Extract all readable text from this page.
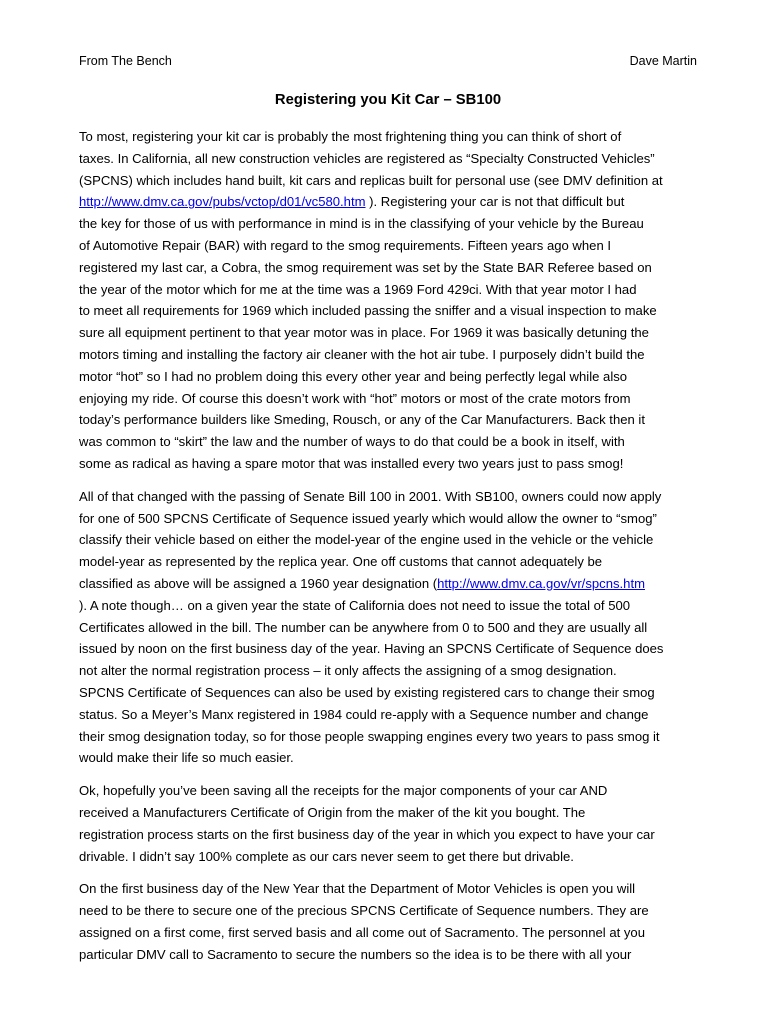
From The Bench	Dave Martin
Registering you Kit Car – SB100

To most, registering your kit car is probably the most frightening thing you can think of short of
taxes. In California, all new construction vehicles are registered as “Specialty Constructed Vehicles”
(SPCNS) which includes hand built, kit cars and replicas built for personal use (see DMV definition at
http://www.dmv.ca.gov/pubs/vctop/d01/vc580.htm ). Registering your car is not that difficult but
the key for those of us with performance in mind is in the classifying of your vehicle by the Bureau
of Automotive Repair (BAR) with regard to the smog requirements. Fifteen years ago when I
registered my last car, a Cobra, the smog requirement was set by the State BAR Referee based on
the year of the motor which for me at the time was a 1969 Ford 429ci. With that year motor I had
to meet all requirements for 1969 which included passing the sniffer and a visual inspection to make
sure all equipment pertinent to that year motor was in place. For 1969 it was basically detuning the
motors timing and installing the factory air cleaner with the hot air tube. I purposely didn’t build the
motor “hot” so I had no problem doing this every other year and being perfectly legal while also
enjoying my ride. Of course this doesn’t work with “hot” motors or most of the crate motors from
today’s performance builders like Smeding, Rousch, or any of the Car Manufacturers. Back then it
was common to “skirt” the law and the number of ways to do that could be a book in itself, with
some as radical as having a spare motor that was installed every two years just to pass smog!

All of that changed with the passing of Senate Bill 100 in 2001. With SB100, owners could now apply
for one of 500 SPCNS Certificate of Sequence issued yearly which would allow the owner to “smog”
classify their vehicle based on either the model-year of the engine used in the vehicle or the vehicle
model-year as represented by the replica year. One off customs that cannot adequately be
classified as above will be assigned a 1960 year designation (http://www.dmv.ca.gov/vr/spcns.htm
). A note though… on a given year the state of California does not need to issue the total of 500
Certificates allowed in the bill. The number can be anywhere from 0 to 500 and they are usually all
issued by noon on the first business day of the year. Having an SPCNS Certificate of Sequence does
not alter the normal registration process – it only affects the assigning of a smog designation.
SPCNS Certificate of Sequences can also be used by existing registered cars to change their smog
status. So a Meyer’s Manx registered in 1984 could re-apply with a Sequence number and change
their smog designation today, so for those people swapping engines every two years to pass smog it
would make their life so much easier.

Ok, hopefully you’ve been saving all the receipts for the major components of your car AND
received a Manufacturers Certificate of Origin from the maker of the kit you bought. The
registration process starts on the first business day of the year in which you expect to have your car
drivable. I didn’t say 100% complete as our cars never seem to get there but drivable.

On the first business day of the New Year that the Department of Motor Vehicles is open you will
need to be there to secure one of the precious SPCNS Certificate of Sequence numbers. They are
assigned on a first come, first served basis and all come out of Sacramento. The personnel at you
particular DMV call to Sacramento to secure the numbers so the idea is to be there with all your
